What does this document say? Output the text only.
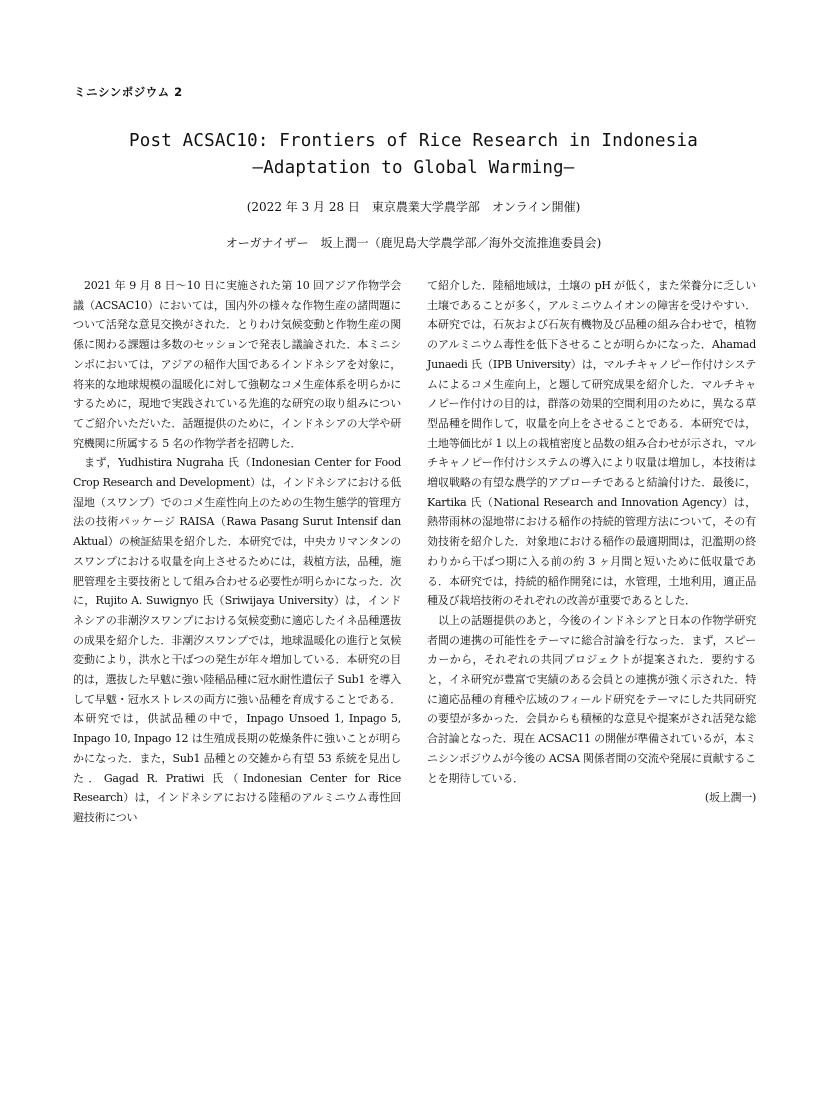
ミニシンポジウム 2

Post ACSAC10: Frontiers of Rice Research in Indonesia
—Adaptation to Global Warming—

(2022 年 3 月 28 日　東京農業大学農学部　オンライン開催)

オーガナイザー　坂上潤一（鹿児島大学農学部／海外交流推進委員会)

2021 年 9 月 8 日〜10 日に実施された第 10 回アジア作物学会議（ACSAC10）においては，国内外の様々な作物生産の諸問題について活発な意見交換がされた．とりわけ気候変動と作物生産の関係に関わる課題は多数のセッションで発表し議論された．本ミニシンポにおいては，アジアの稲作大国であるインドネシアを対象に，将来的な地球規模の温暖化に対して強靭なコメ生産体系を明らかにするために，現地で実践されている先進的な研究の取り組みについてご紹介いただいた．話題提供のために，インドネシアの大学や研究機関に所属する 5 名の作物学者を招聘した．

まず，Yudhistira Nugraha 氏（Indonesian Center for Food Crop Research and Development）は，インドネシアにおける低湿地（スワンプ）でのコメ生産性向上のための生物生態学的管理方法の技術パッケージ RAISA（Rawa Pasang Surut Intensif dan Aktual）の検証結果を紹介した．本研究では，中央カリマンタンのスワンプにおける収量を向上させるためには，栽植方法，品種，施肥管理を主要技術として組み合わせる必要性が明らかになった．次に，Rujito A. Suwignyo 氏（Sriwijaya University）は，インドネシアの非潮汐スワンプにおける気候変動に適応したイネ品種選抜の成果を紹介した．非潮汐スワンプでは，地球温暖化の進行と気候変動により，洪水と干ばつの発生が年々増加している．本研究の目的は，選抜した早魃に強い陸稲品種に冠水耐性遺伝子 Sub1 を導入して早魃・冠水ストレスの両方に強い品種を育成することである．本研究では，供試品種の中で，Inpago Unsoed 1, Inpago 5, Inpago 10, Inpago 12 は生殖成長期の乾燥条件に強いことが明らかになった．また，Sub1 品種との交雑から有望 53 系統を見出した．Gagad R. Pratiwi 氏（Indonesian Center for Rice Research）は，インドネシアにおける陸稲のアルミニウム毒性回避技術につい

て紹介した．陸稲地域は，土壌の pH が低く，また栄養分に乏しい土壌であることが多く，アルミニウムイオンの障害を受けやすい．本研究では，石灰および石灰有機物及び品種の組み合わせで，植物のアルミニウム毒性を低下させることが明らかになった．Ahamad Junaedi 氏（IPB University）は，マルチキャノピー作付けシステムによるコメ生産向上，と題して研究成果を紹介した．マルチキャノピー作付けの目的は，群落の効果的空間利用のために，異なる草型品種を間作して，収量を向上をさせることである．本研究では，土地等価比が 1 以上の栽植密度と品数の組み合わせが示され，マルチキャノピー作付けシステムの導入により収量は増加し，本技術は増収戦略の有望な農学的アプローチであると結論付けた．最後に，Kartika 氏（National Research and Innovation Agency）は，熱帯雨林の湿地帯における稲作の持続的管理方法について，その有効技術を紹介した．対象地における稲作の最適期間は，氾濫期の終わりから干ばつ期に入る前の約 3 ヶ月間と短いために低収量である．本研究では，持続的稲作開発には，水管理，土地利用，適正品種及び栽培技術のそれぞれの改善が重要であるとした．

以上の話題提供のあと，今後のインドネシアと日本の作物学研究者間の連携の可能性をテーマに総合討論を行なった．まず，スピーカーから，それぞれの共同プロジェクトが提案された．要約すると，イネ研究が豊富で実績のある会員との連携が強く示された．特に適応品種の育種や広域のフィールド研究をテーマにした共同研究の要望が多かった．会員からも積極的な意見や提案がされ活発な総合討論となった．現在 ACSAC11 の開催が準備されているが，本ミニシンポジウムが今後の ACSA 関係者間の交流や発展に貢献することを期待している．

(坂上潤一)
